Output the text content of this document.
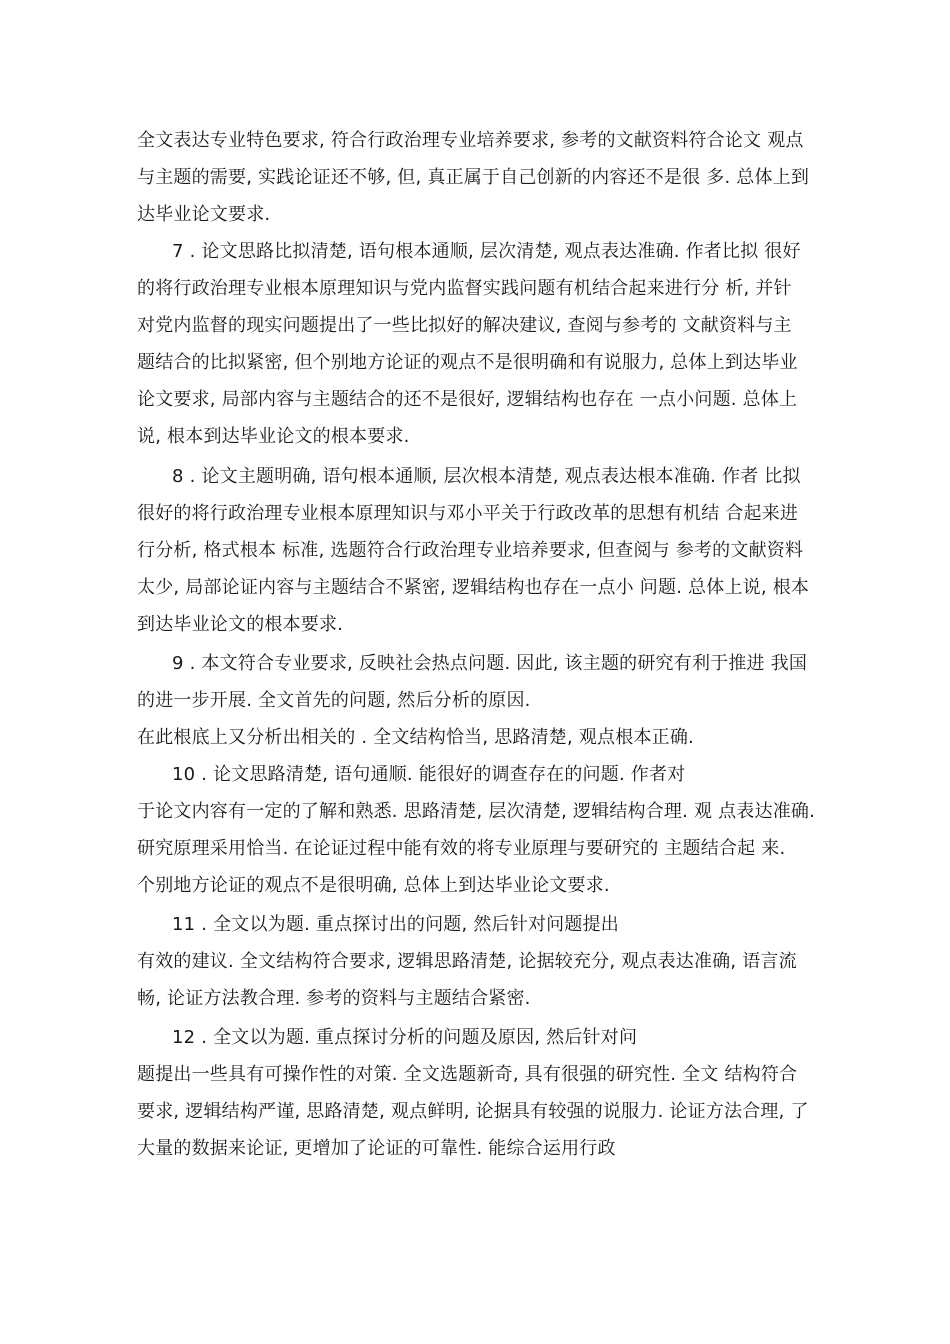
全文表达专业特色要求, 符合行政治理专业培养要求, 参考的文献资料符合论文 观点
与主题的需要, 实践论证还不够, 但, 真正属于自己创新的内容还不是很 多. 总体上到
达毕业论文要求.
7 . 论文思路比拟清楚, 语句根本通顺, 层次清楚, 观点表达准确. 作者比拟 很好
的将行政治理专业根本原理知识与党内监督实践问题有机结合起来进行分 析, 并针
对党内监督的现实问题提出了一些比拟好的解决建议, 查阅与参考的 文献资料与主
题结合的比拟紧密, 但个别地方论证的观点不是很明确和有说服力, 总体上到达毕业
论文要求, 局部内容与主题结合的还不是很好, 逻辑结构也存在 一点小问题. 总体上
说, 根本到达毕业论文的根本要求.
8 . 论文主题明确, 语句根本通顺, 层次根本清楚, 观点表达根本准确. 作者 比拟
很好的将行政治理专业根本原理知识与邓小平关于行政改革的思想有机结 合起来进
行分析, 格式根本 标准, 选题符合行政治理专业培养要求, 但查阅与 参考的文献资料
太少, 局部论证内容与主题结合不紧密, 逻辑结构也存在一点小 问题. 总体上说, 根本
到达毕业论文的根本要求.
9 . 本文符合专业要求, 反映社会热点问题. 因此, 该主题的研究有利于推进 我国
的进一步开展. 全文首先的问题, 然后分析的原因.
在此根底上又分析出相关的 . 全文结构恰当, 思路清楚, 观点根本正确.
10 . 论文思路清楚, 语句通顺. 能很好的调查存在的问题. 作者对
于论文内容有一定的了解和熟悉. 思路清楚, 层次清楚, 逻辑结构合理. 观 点表达准确.
研究原理采用恰当. 在论证过程中能有效的将专业原理与要研究的 主题结合起 来.
个别地方论证的观点不是很明确, 总体上到达毕业论文要求.
11 . 全文以为题. 重点探讨出的问题, 然后针对问题提出
有效的建议. 全文结构符合要求, 逻辑思路清楚, 论据较充分, 观点表达准确, 语言流
畅, 论证方法教合理. 参考的资料与主题结合紧密.
12 . 全文以为题. 重点探讨分析的问题及原因, 然后针对问
题提出一些具有可操作性的对策. 全文选题新奇, 具有很强的研究性. 全文 结构符合
要求, 逻辑结构严谨, 思路清楚, 观点鲜明, 论据具有较强的说服力. 论证方法合理, 了
大量的数据来论证, 更增加了论证的可靠性. 能综合运用行政
